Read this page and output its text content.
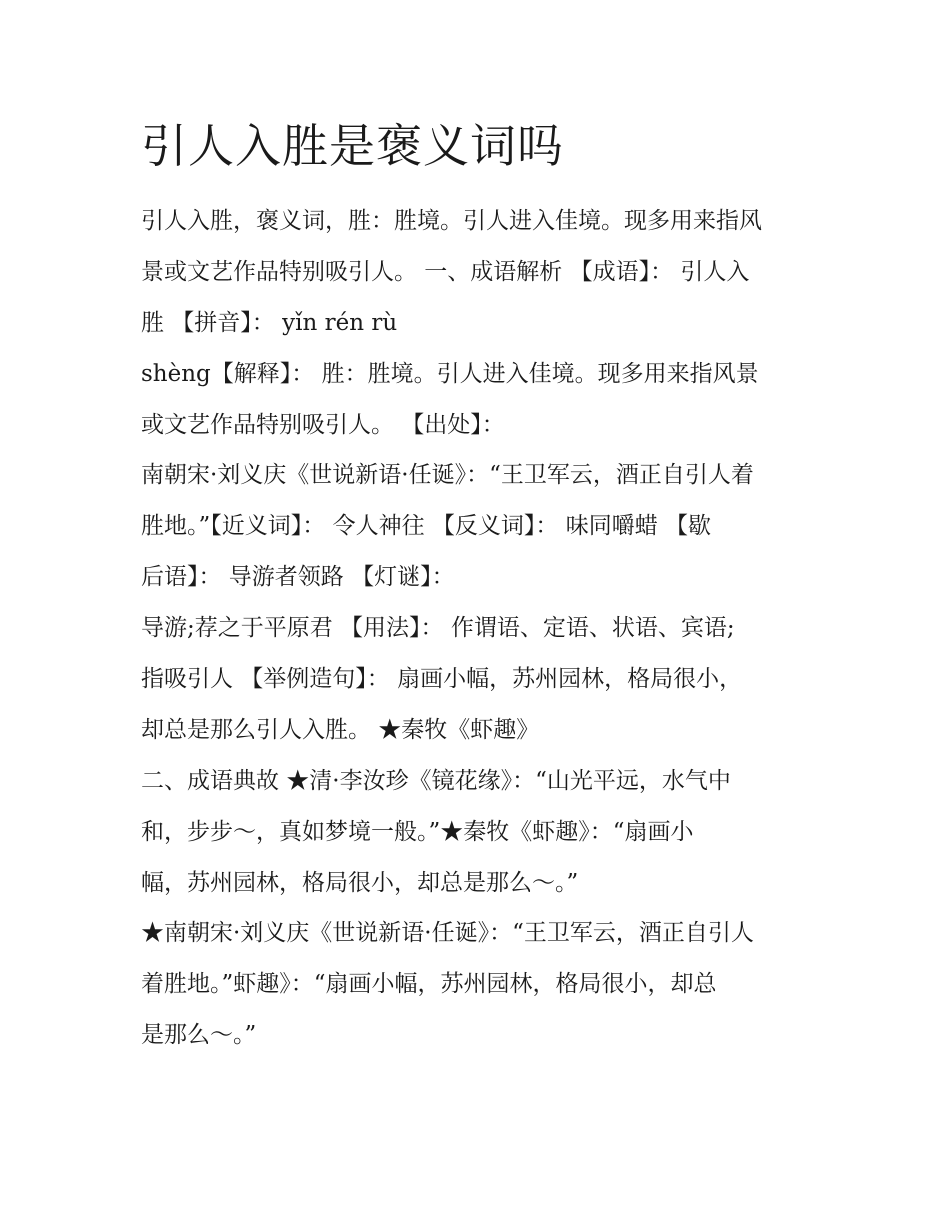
引人入胜是褒义词吗
引人入胜，褒义词，胜：胜境。引人进入佳境。现多用来指风
景或文艺作品特别吸引人。 一、成语解析 【成语】： 引人入
胜 【拼音】： yǐn rén rù
shèng【解释】： 胜：胜境。引人进入佳境。现多用来指风景
或文艺作品特别吸引人。 【出处】：
南朝宋·刘义庆《世说新语·任诞》：“王卫军云，酒正自引人着
胜地。”【近义词】： 令人神往 【反义词】： 味同嚼蜡 【歇
后语】： 导游者领路 【灯谜】：
导游;荐之于平原君 【用法】： 作谓语、定语、状语、宾语;
指吸引人 【举例造句】： 扇画小幅，苏州园林，格局很小，
却总是那么引人入胜。 ★秦牧《虾趣》
二、成语典故 ★清·李汝珍《镜花缘》：“山光平远，水气中
和，步步～，真如梦境一般。”★秦牧《虾趣》：“扇画小
幅，苏州园林，格局很小，却总是那么～。”
★南朝宋·刘义庆《世说新语·任诞》：“王卫军云，酒正自引人
着胜地。”虾趣》：“扇画小幅，苏州园林，格局很小，却总
是那么～。”
